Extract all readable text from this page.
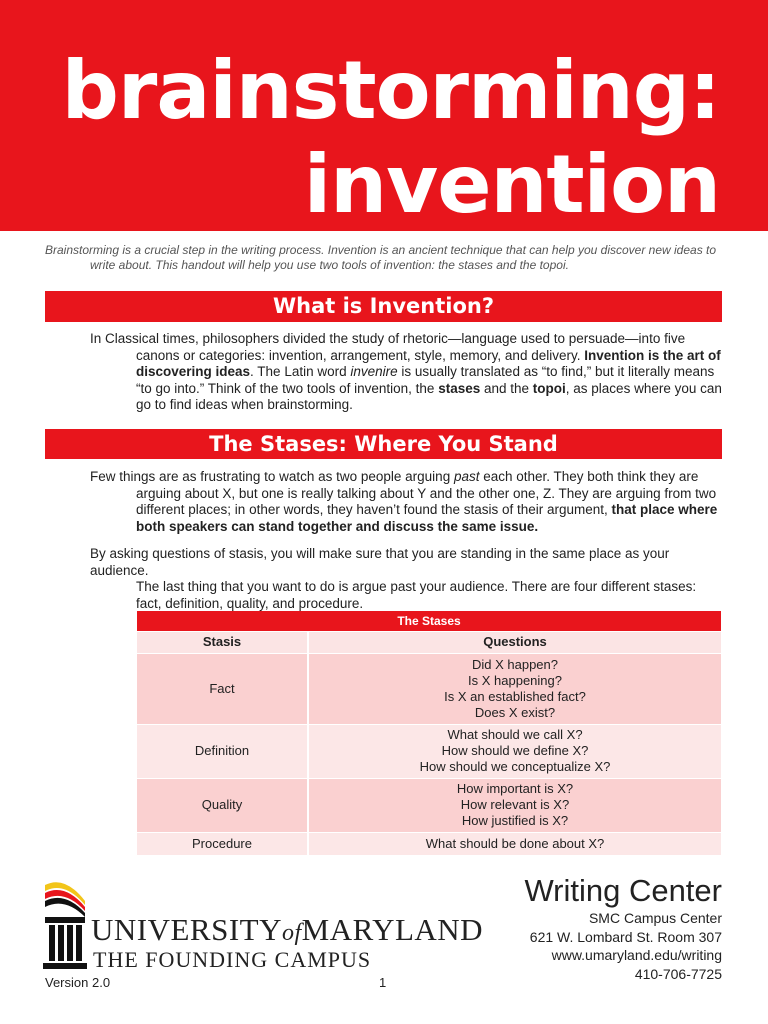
brainstorming:
invention

Brainstorming is a crucial step in the writing process. Invention is an ancient technique that can help you discover new ideas to
write about. This handout will help you use two tools of invention: the stases and the topoi.

What is Invention?

In Classical times, philosophers divided the study of rhetoric—language used to persuade—into five
canons or categories: invention, arrangement, style, memory, and delivery. Invention is the art of discovering ideas. The Latin word invenire is usually translated as “to find,” but it literally means “to go into.” Think of the two tools of invention, the stases and the topoi, as places where you can go to find ideas when brainstorming.

The Stases: Where You Stand

Few things are as frustrating to watch as two people arguing past each other. They both think they are
arguing about X, but one is really talking about Y and the other one, Z. They are arguing from two different places; in other words, they haven’t found the stasis of their argument, that place where both speakers can stand together and discuss the same issue.

By asking questions of stasis, you will make sure that you are standing in the same place as your audience.
The last thing that you want to do is argue past your audience. There are four different stases: fact, definition, quality, and procedure.

The Stases	
Stasis	Questions
Fact	Did X happen?
Is X happening?
Is X an established fact?
Does X exist?

Definition	What should we call X?
How should we define X?
How should we conceptualize X?

Quality	How important is X?
How relevant is X?
How justified is X?

Procedure	What should be done about X?
UNIVERSITYofMARYLAND
THE FOUNDING CAMPUS
Version 2.0	1
Writing Center
SMC Campus Center
621 W. Lombard St. Room 307
www.umaryland.edu/writing
410-706-7725
